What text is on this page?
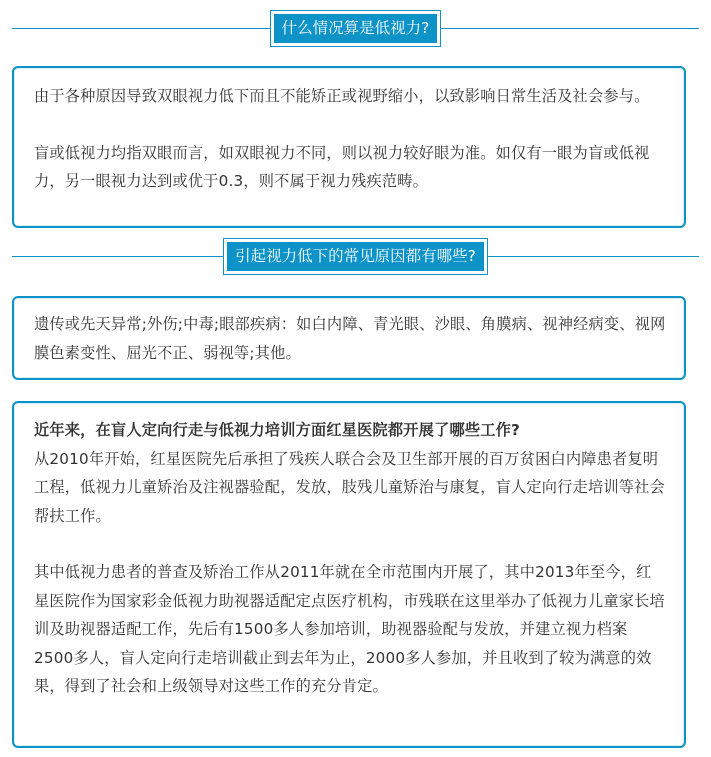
什么情况算是低视力?

由于各种原因导致双眼视力低下而且不能矫正或视野缩小，以致影响日常生活及社会参与。

盲或低视力均指双眼而言，如双眼视力不同，则以视力较好眼为准。如仅有一眼为盲或低视力，另一眼视力达到或优于0.3，则不属于视力残疾范畴。

引起视力低下的常见原因都有哪些?

遗传或先天异常;外伤;中毒;眼部疾病：如白内障、青光眼、沙眼、角膜病、视神经病变、视网膜色素变性、屈光不正、弱视等;其他。

近年来，在盲人定向行走与低视力培训方面红星医院都开展了哪些工作?

从2010年开始，红星医院先后承担了残疾人联合会及卫生部开展的百万贫困白内障患者复明工程，低视力儿童矫治及注视器验配，发放，肢残儿童矫治与康复，盲人定向行走培训等社会帮扶工作。

其中低视力患者的普查及矫治工作从2011年就在全市范围内开展了，其中2013年至今，红星医院作为国家彩金低视力助视器适配定点医疗机构，市残联在这里举办了低视力儿童家长培训及助视器适配工作，先后有1500多人参加培训，助视器验配与发放，并建立视力档案2500多人，盲人定向行走培训截止到去年为止，2000多人参加，并且收到了较为满意的效果，得到了社会和上级领导对这些工作的充分肯定。
